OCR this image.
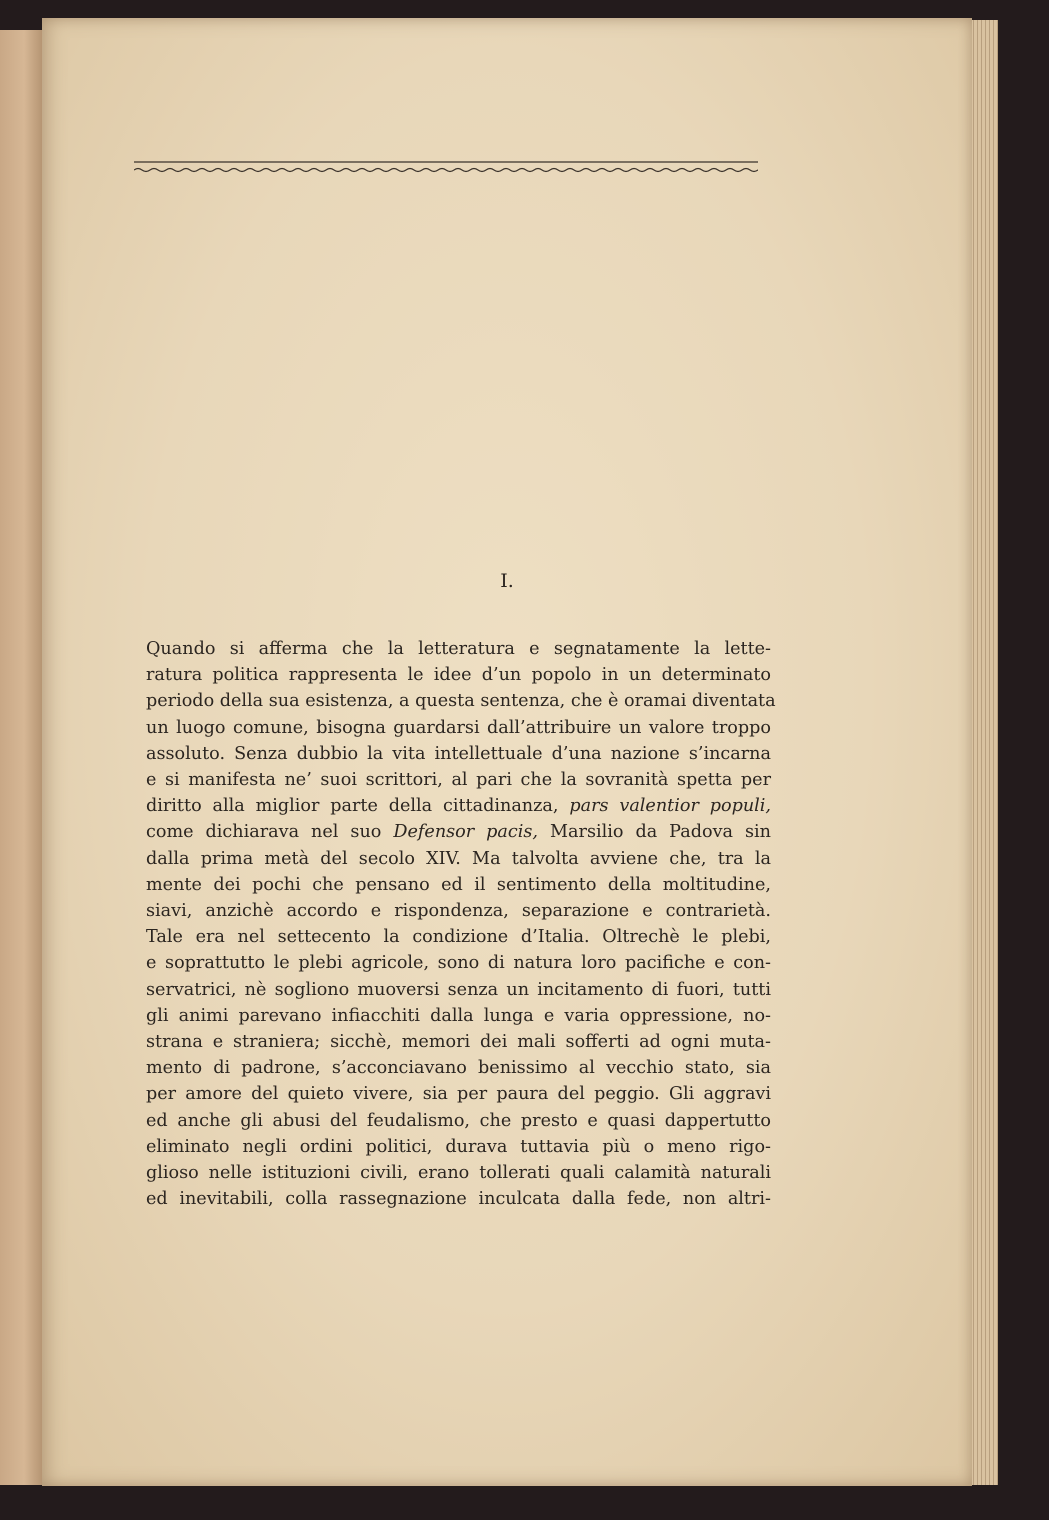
I.
Quando si afferma che la letteratura e segnatamente la lette-
ratura politica rappresenta le idee d’un popolo in un determinato
periodo della sua esistenza, a questa sentenza, che è oramai diventata
un luogo comune, bisogna guardarsi dall’attribuire un valore troppo
assoluto. Senza dubbio la vita intellettuale d’una nazione s’incarna
e si manifesta ne’ suoi scrittori, al pari che la sovranità spetta per
diritto alla miglior parte della cittadinanza, pars valentior populi,
come dichiarava nel suo Defensor pacis, Marsilio da Padova sin
dalla prima metà del secolo XIV. Ma talvolta avviene che, tra la
mente dei pochi che pensano ed il sentimento della moltitudine,
siavi, anzichè accordo e rispondenza, separazione e contrarietà.
Tale era nel settecento la condizione d’Italia. Oltrechè le plebi,
e soprattutto le plebi agricole, sono di natura loro pacifiche e con-
servatrici, nè sogliono muoversi senza un incitamento di fuori, tutti
gli animi parevano infiacchiti dalla lunga e varia oppressione, no-
strana e straniera; sicchè, memori dei mali sofferti ad ogni muta-
mento di padrone, s’acconciavano benissimo al vecchio stato, sia
per amore del quieto vivere, sia per paura del peggio. Gli aggravi
ed anche gli abusi del feudalismo, che presto e quasi dappertutto
eliminato negli ordini politici, durava tuttavia più o meno rigo-
glioso nelle istituzioni civili, erano tollerati quali calamità naturali
ed inevitabili, colla rassegnazione inculcata dalla fede, non altri-
